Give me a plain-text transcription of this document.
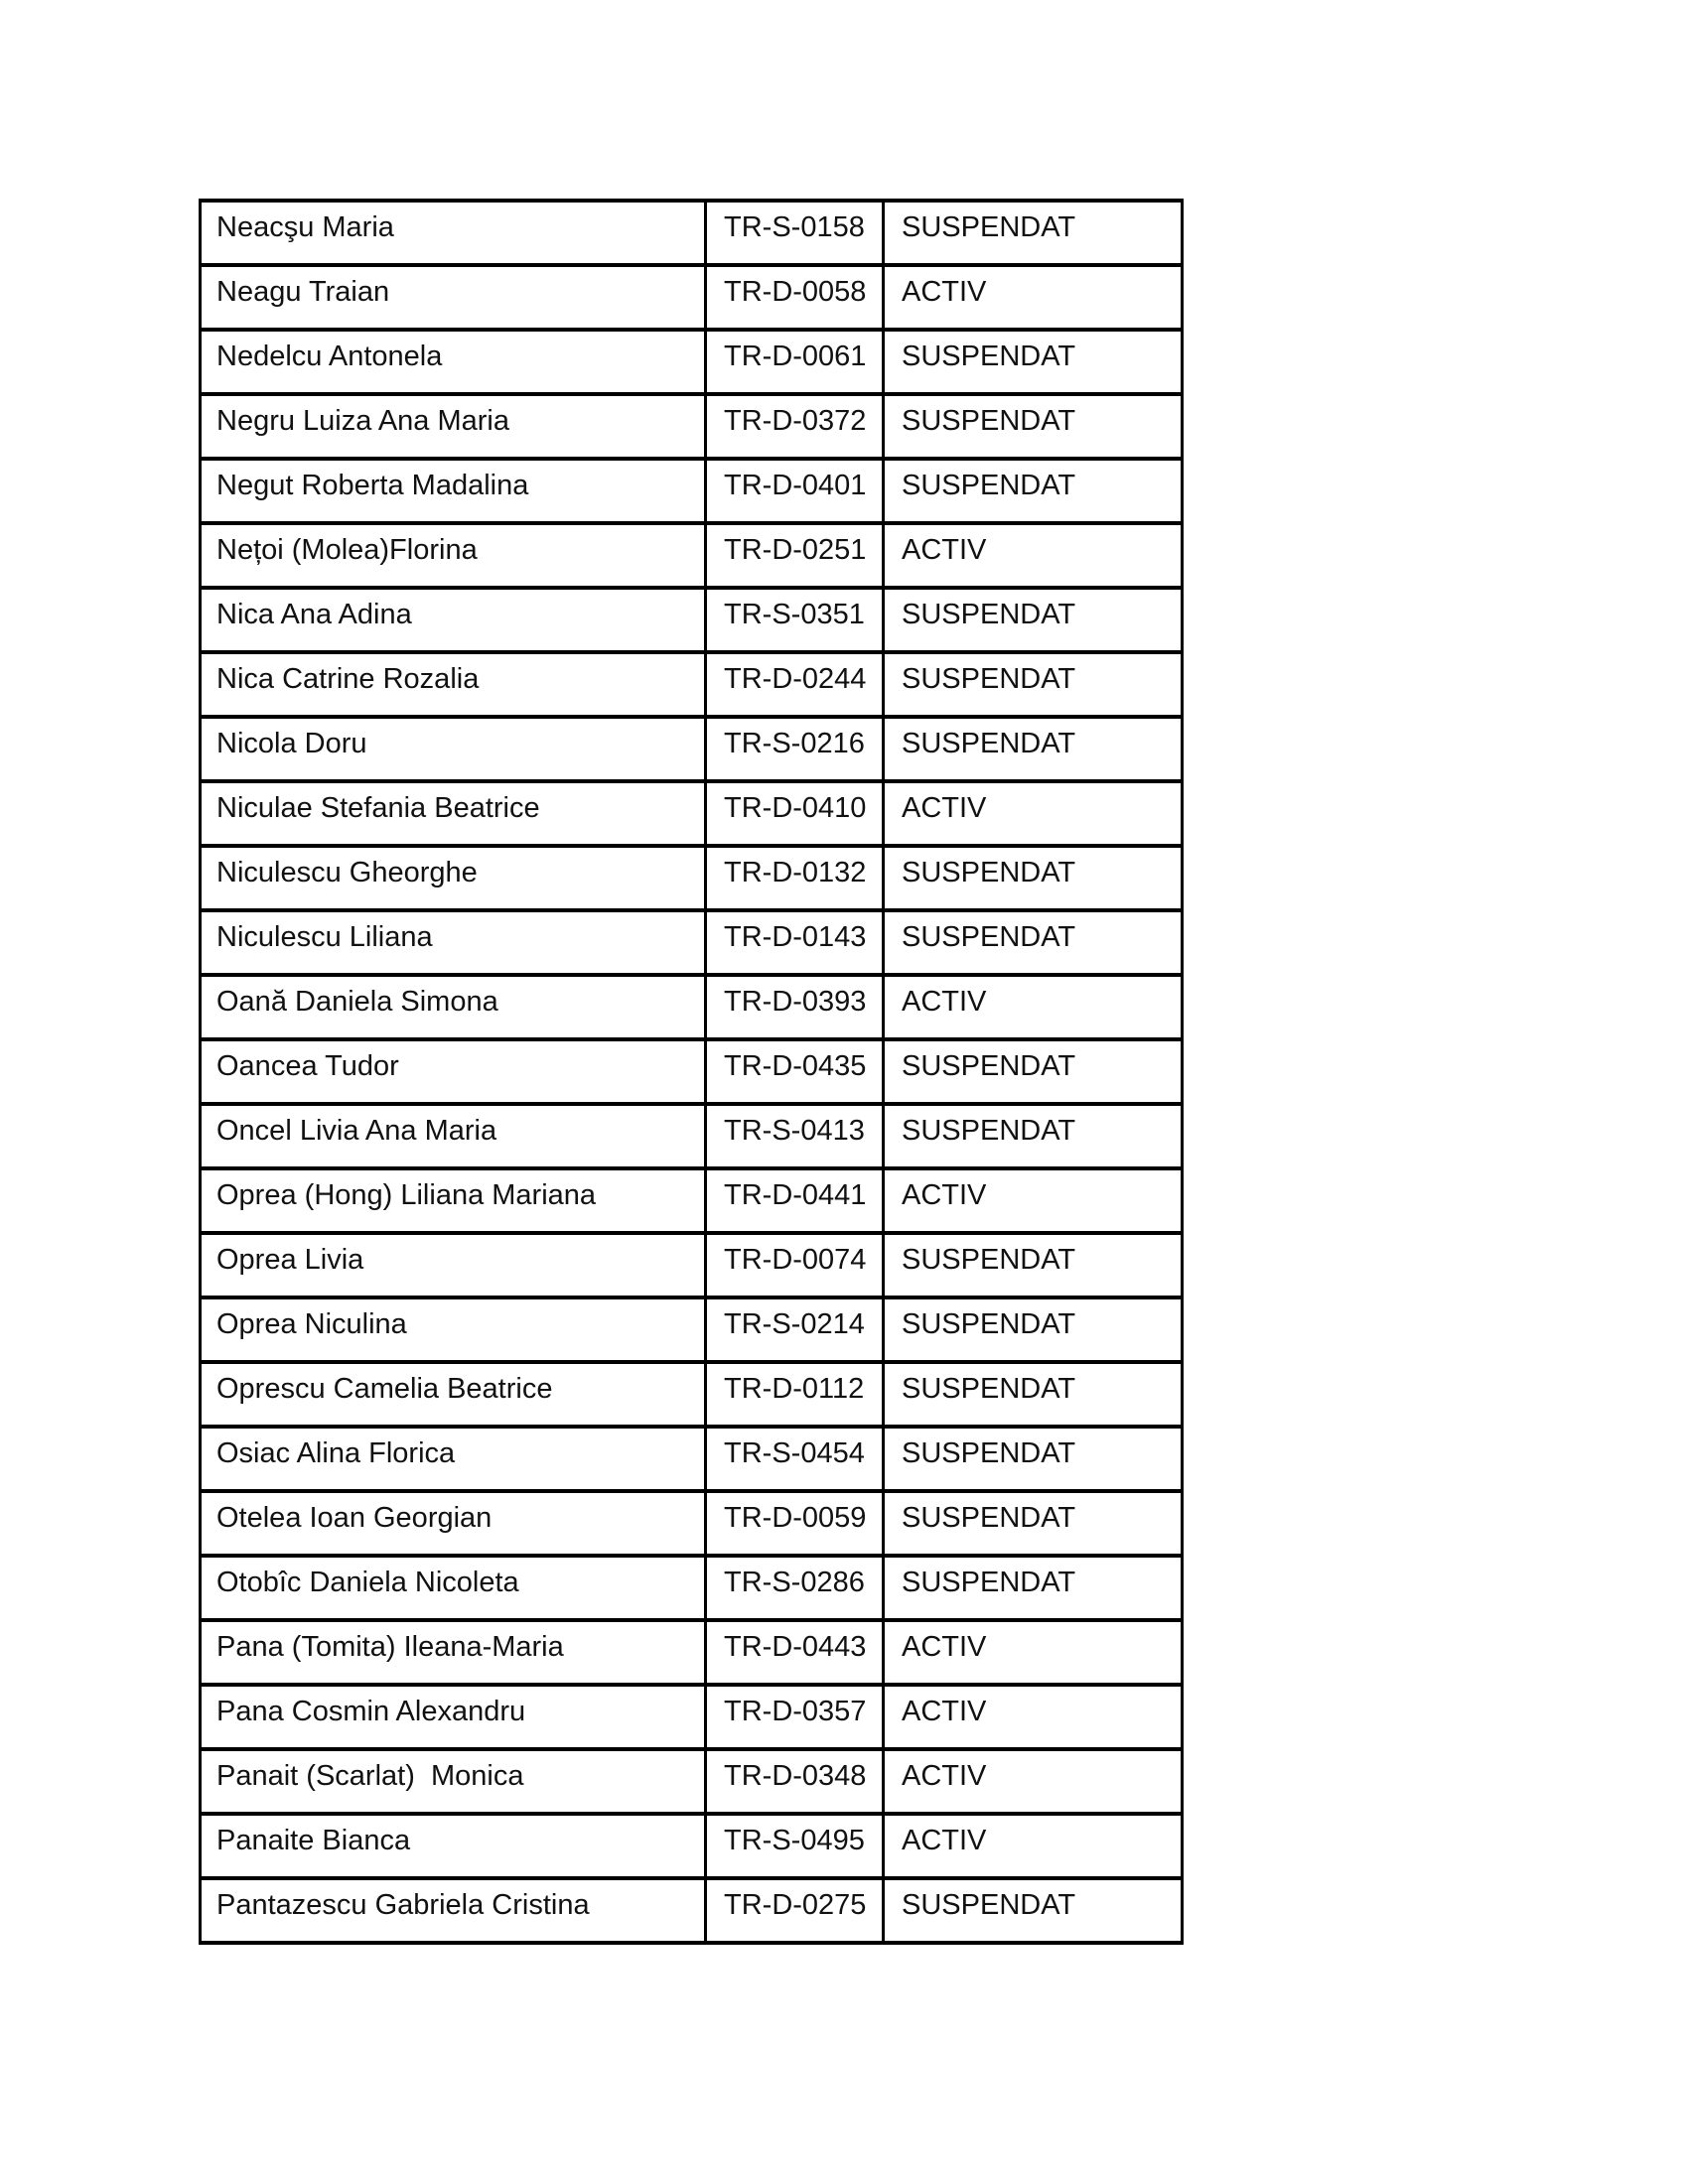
Neacşu Maria	TR-S-0158	SUSPENDAT
Neagu Traian	TR-D-0058	ACTIV
Nedelcu Antonela	TR-D-0061	SUSPENDAT
Negru Luiza Ana Maria	TR-D-0372	SUSPENDAT
Negut Roberta Madalina	TR-D-0401	SUSPENDAT
Nețoi (Molea)Florina	TR-D-0251	ACTIV
Nica Ana Adina	TR-S-0351	SUSPENDAT
Nica Catrine Rozalia	TR-D-0244	SUSPENDAT
Nicola Doru	TR-S-0216	SUSPENDAT
Niculae Stefania Beatrice	TR-D-0410	ACTIV
Niculescu Gheorghe	TR-D-0132	SUSPENDAT
Niculescu Liliana	TR-D-0143	SUSPENDAT
Oană Daniela Simona	TR-D-0393	ACTIV
Oancea Tudor	TR-D-0435	SUSPENDAT
Oncel Livia Ana Maria	TR-S-0413	SUSPENDAT
Oprea (Hong) Liliana Mariana	TR-D-0441	ACTIV
Oprea Livia	TR-D-0074	SUSPENDAT
Oprea Niculina	TR-S-0214	SUSPENDAT
Oprescu Camelia Beatrice	TR-D-0112	SUSPENDAT
Osiac Alina Florica	TR-S-0454	SUSPENDAT
Otelea Ioan Georgian	TR-D-0059	SUSPENDAT
Otobîc Daniela Nicoleta	TR-S-0286	SUSPENDAT
Pana (Tomita) Ileana-Maria	TR-D-0443	ACTIV
Pana Cosmin Alexandru	TR-D-0357	ACTIV
Panait (Scarlat)  Monica	TR-D-0348	ACTIV
Panaite Bianca	TR-S-0495	ACTIV
Pantazescu Gabriela Cristina	TR-D-0275	SUSPENDAT
